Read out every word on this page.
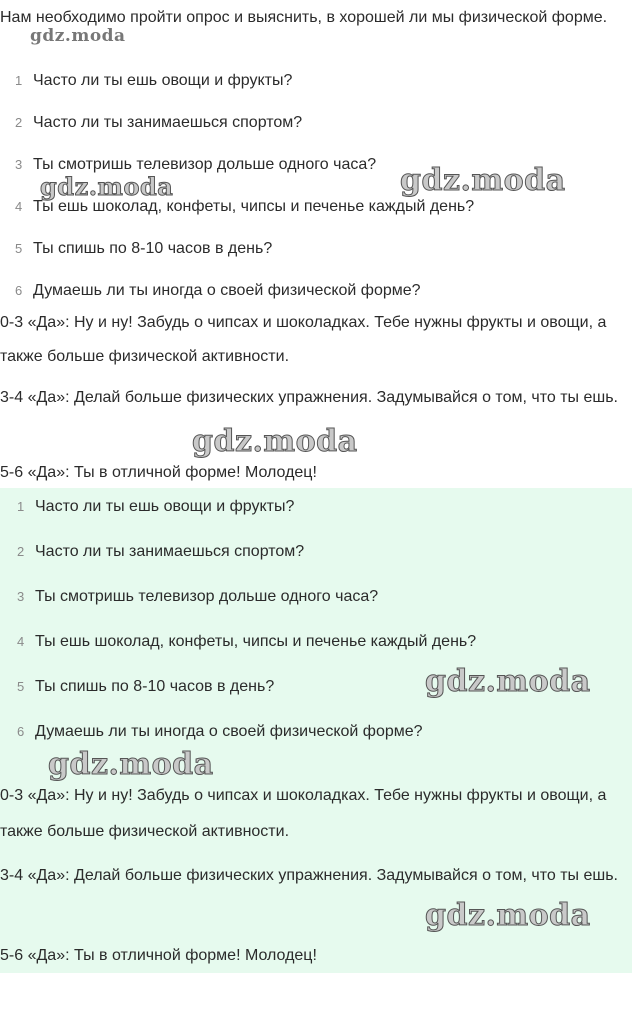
Нам необходимо пройти опрос и выяснить, в хорошей ли мы физической форме.
1 Часто ли ты ешь овощи и фрукты?
2 Часто ли ты занимаешься спортом?
3 Ты смотришь телевизор дольше одного часа?
4 Ты ешь шоколад, конфеты, чипсы и печенье каждый день?
5 Ты спишь по 8-10 часов в день?
6 Думаешь ли ты иногда о своей физической форме?
0-3 «Да»: Ну и ну! Забудь о чипсах и шоколадках. Тебе нужны фрукты и овощи, а также больше физической активности.
3-4 «Да»: Делай больше физических упражнения. Задумывайся о том, что ты ешь.
5-6 «Да»: Ты в отличной форме! Молодец!
1 Часто ли ты ешь овощи и фрукты?
2 Часто ли ты занимаешься спортом?
3 Ты смотришь телевизор дольше одного часа?
4 Ты ешь шоколад, конфеты, чипсы и печенье каждый день?
5 Ты спишь по 8-10 часов в день?
6 Думаешь ли ты иногда о своей физической форме?
0-3 «Да»: Ну и ну! Забудь о чипсах и шоколадках. Тебе нужны фрукты и овощи, а также больше физической активности.
3-4 «Да»: Делай больше физических упражнения. Задумывайся о том, что ты ешь.
5-6 «Да»: Ты в отличной форме! Молодец!
gdz.moda
gdz.moda	gdz.moda
gdz.moda
gdz.moda
gdz.moda
gdz.moda
